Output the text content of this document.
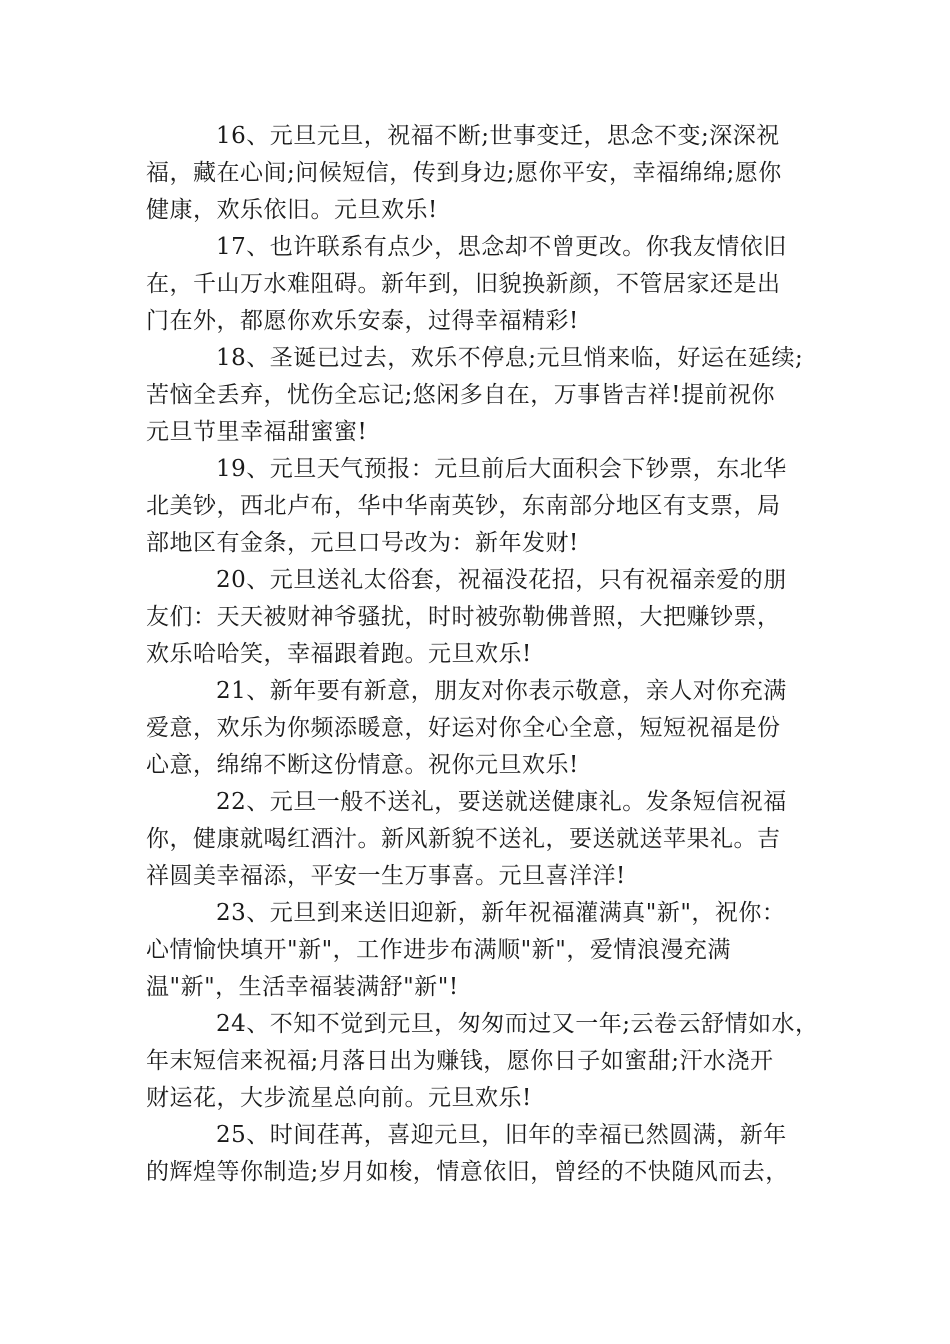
16、元旦元旦，祝福不断;世事变迁，思念不变;深深祝
福，藏在心间;问候短信，传到身边;愿你平安，幸福绵绵;愿你
健康，欢乐依旧。元旦欢乐!

17、也许联系有点少，思念却不曾更改。你我友情依旧
在，千山万水难阻碍。新年到，旧貌换新颜，不管居家还是出
门在外，都愿你欢乐安泰，过得幸福精彩!

18、圣诞已过去，欢乐不停息;元旦悄来临，好运在延续;
苦恼全丢弃，忧伤全忘记;悠闲多自在，万事皆吉祥!提前祝你
元旦节里幸福甜蜜蜜!

19、元旦天气预报：元旦前后大面积会下钞票，东北华
北美钞，西北卢布，华中华南英钞，东南部分地区有支票，局
部地区有金条，元旦口号改为：新年发财!

20、元旦送礼太俗套，祝福没花招，只有祝福亲爱的朋
友们：天天被财神爷骚扰，时时被弥勒佛普照，大把赚钞票，
欢乐哈哈笑，幸福跟着跑。元旦欢乐!

21、新年要有新意，朋友对你表示敬意，亲人对你充满
爱意，欢乐为你频添暖意，好运对你全心全意，短短祝福是份
心意，绵绵不断这份情意。祝你元旦欢乐!

22、元旦一般不送礼，要送就送健康礼。发条短信祝福
你，健康就喝红酒汁。新风新貌不送礼，要送就送苹果礼。吉
祥圆美幸福添，平安一生万事喜。元旦喜洋洋!

23、元旦到来送旧迎新，新年祝福灌满真"新"，祝你：
心情愉快填开"新"，工作进步布满顺"新"，爱情浪漫充满
温"新"，生活幸福装满舒"新"!

24、不知不觉到元旦，匆匆而过又一年;云卷云舒情如水，
年末短信来祝福;月落日出为赚钱，愿你日子如蜜甜;汗水浇开
财运花，大步流星总向前。元旦欢乐!

25、时间荏苒，喜迎元旦，旧年的幸福已然圆满，新年
的辉煌等你制造;岁月如梭，情意依旧，曾经的不快随风而去，
